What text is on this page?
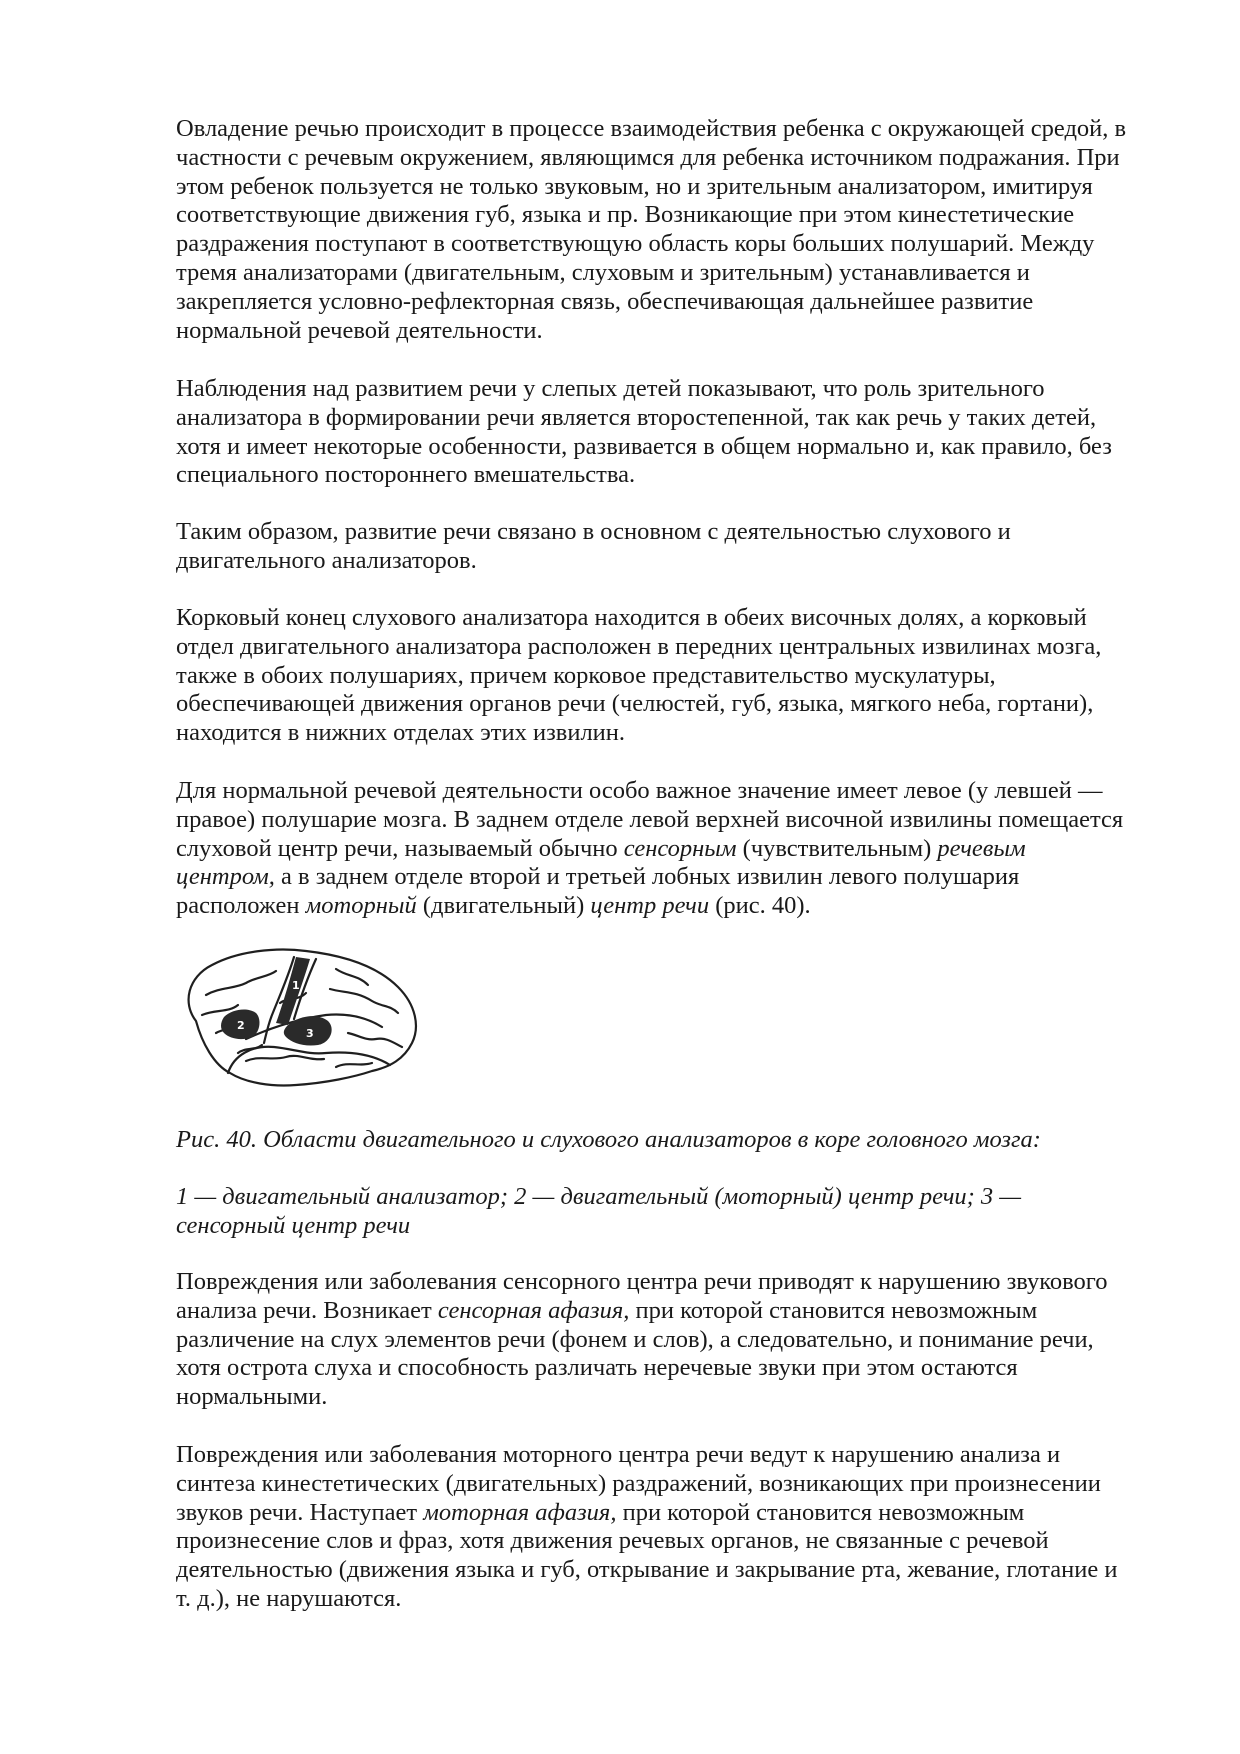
Овладение речью происходит в процессе взаимодействия ребенка с окружающей средой, в
частности с речевым окружением, являющимся для ребенка источником подражания. При
этом ребенок пользуется не только звуковым, но и зрительным анализатором, имитируя
соответствующие движения губ, языка и пр. Возникающие при этом кинестетические
раздражения поступают в соответствующую область коры больших полушарий. Между
тремя анализаторами (двигательным, слуховым и зрительным) устанавливается и
закрепляется условно-рефлекторная связь, обеспечивающая дальнейшее развитие
нормальной речевой деятельности.
Наблюдения над развитием речи у слепых детей показывают, что роль зрительного
анализатора в формировании речи является второстепенной, так как речь у таких детей,
хотя и имеет некоторые особенности, развивается в общем нормально и, как правило, без
специального постороннего вмешательства.
Таким образом, развитие речи связано в основном с деятельностью слухового и
двигательного анализаторов.
Корковый конец слухового анализатора находится в обеих височных долях, а корковый
отдел двигательного анализатора расположен в передних центральных извилинах мозга,
также в обоих полушариях, причем корковое представительство мускулатуры,
обеспечивающей движения органов речи (челюстей, губ, языка, мягкого неба, гортани),
находится в нижних отделах этих извилин.
Для нормальной речевой деятельности особо важное значение имеет левое (у левшей —
правое) полушарие мозга. В заднем отделе левой верхней височной извилины помещается
слуховой центр речи, называемый обычно сенсорным (чувствительным) речевым
центром, а в заднем отделе второй и третьей лобных извилин левого полушария
расположен моторный (двигательный) центр речи (рис. 40).
Рис. 40. Области двигательного и слухового анализаторов в коре головного мозга:
1 — двигательный анализатор; 2 — двигательный (моторный) центр речи; 3 —
сенсорный центр речи
Повреждения или заболевания сенсорного центра речи приводят к нарушению звукового
анализа речи. Возникает сенсорная афазия, при которой становится невозможным
различение на слух элементов речи (фонем и слов), а следовательно, и понимание речи,
хотя острота слуха и способность различать неречевые звуки при этом остаются
нормальными.
Повреждения или заболевания моторного центра речи ведут к нарушению анализа и
синтеза кинестетических (двигательных) раздражений, возникающих при произнесении
звуков речи. Наступает моторная афазия, при которой становится невозможным
произнесение слов и фраз, хотя движения речевых органов, не связанные с речевой
деятельностью (движения языка и губ, открывание и закрывание рта, жевание, глотание и
т. д.), не нарушаются.
1
2
3
